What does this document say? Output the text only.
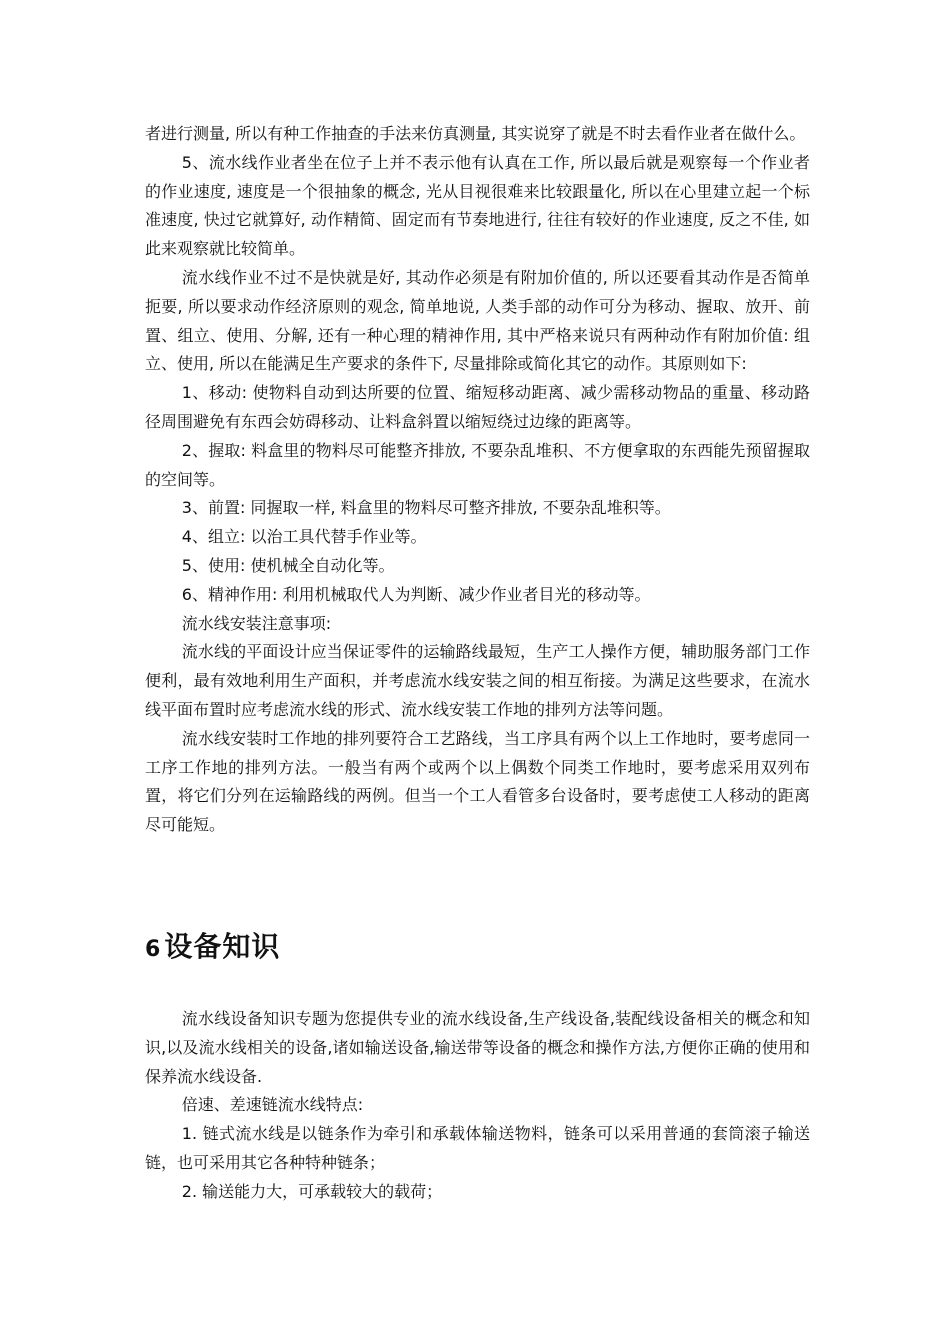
者进行测量, 所以有种工作抽查的手法来仿真测量, 其实说穿了就是不时去看作业者在做什么。

5、流水线作业者坐在位子上并不表示他有认真在工作, 所以最后就是观察每一个作业者的作业速度, 速度是一个很抽象的概念, 光从目视很难来比较跟量化, 所以在心里建立起一个标准速度, 快过它就算好, 动作精简、固定而有节奏地进行, 往往有较好的作业速度, 反之不佳, 如此来观察就比较简单。

流水线作业不过不是快就是好, 其动作必须是有附加价值的, 所以还要看其动作是否简单扼要, 所以要求动作经济原则的观念, 简单地说, 人类手部的动作可分为移动、握取、放开、前置、组立、使用、分解, 还有一种心理的精神作用, 其中严格来说只有两种动作有附加价值: 组立、使用, 所以在能满足生产要求的条件下, 尽量排除或简化其它的动作。其原则如下:

1、移动: 使物料自动到达所要的位置、缩短移动距离、减少需移动物品的重量、移动路径周围避免有东西会妨碍移动、让料盒斜置以缩短绕过边缘的距离等。

2、握取: 料盒里的物料尽可能整齐排放, 不要杂乱堆积、不方便拿取的东西能先预留握取的空间等。

3、前置: 同握取一样, 料盒里的物料尽可整齐排放, 不要杂乱堆积等。

4、组立: 以治工具代替手作业等。

5、使用: 使机械全自动化等。

6、精神作用: 利用机械取代人为判断、减少作业者目光的移动等。

流水线安装注意事项:

流水线的平面设计应当保证零件的运输路线最短，生产工人操作方便，辅助服务部门工作便利，最有效地利用生产面积，并考虑流水线安装之间的相互衔接。为满足这些要求，在流水线平面布置时应考虑流水线的形式、流水线安装工作地的排列方法等问题。

流水线安装时工作地的排列要符合工艺路线，当工序具有两个以上工作地时，要考虑同一工序工作地的排列方法。一般当有两个或两个以上偶数个同类工作地时，要考虑采用双列布置，将它们分列在运输路线的两例。但当一个工人看管多台设备时，要考虑使工人移动的距离尽可能短。

6 设备知识

流水线设备知识专题为您提供专业的流水线设备,生产线设备,装配线设备相关的概念和知识,以及流水线相关的设备,诸如输送设备,输送带等设备的概念和操作方法,方便你正确的使用和保养流水线设备.

倍速、差速链流水线特点:

1. 链式流水线是以链条作为牵引和承载体输送物料，链条可以采用普通的套筒滚子输送链，也可采用其它各种特种链条；

2. 输送能力大，可承载较大的载荷；
